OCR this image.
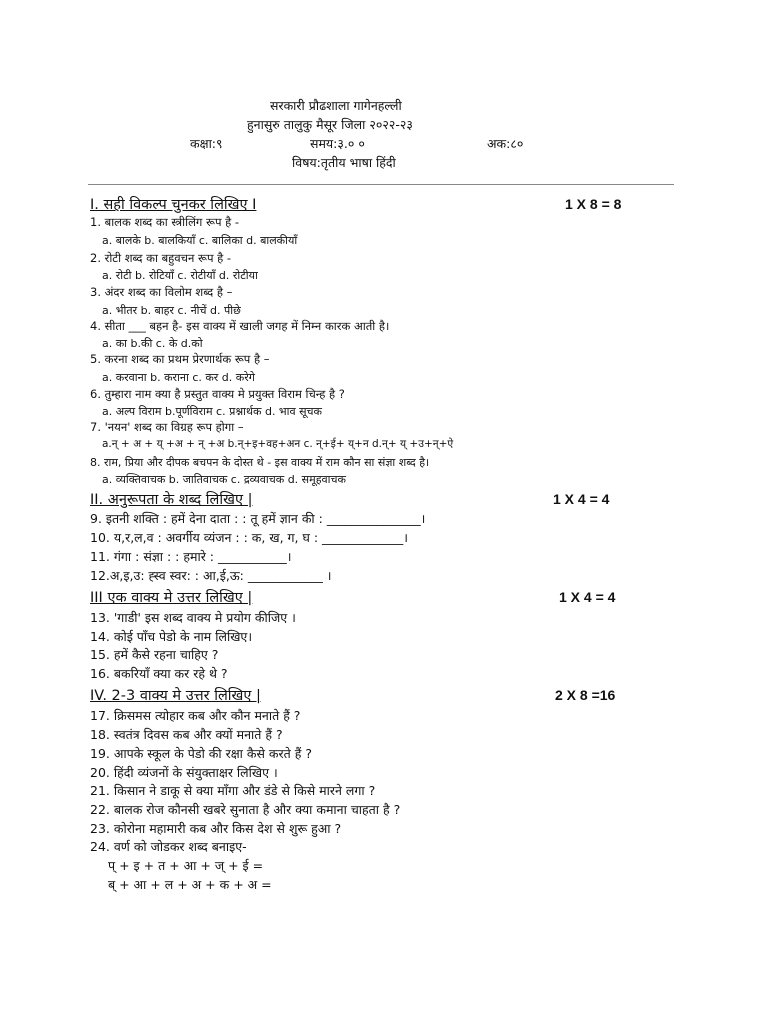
सरकारी प्रौढशाला गागेनहल्ली
हुनासुरु तालुकु मैसूर जिला २०२२-२३
कक्षा:९	समय:३.० ०	अक:८०
विषय:तृतीय भाषा हिंदी
I. सही विकल्प चुनकर लिखिए I	1 X 8 = 8
1. बालक शब्द का स्त्रीलिंग रूप है -
a. बालके b. बालकियाँ c. बालिका d. बालकीयाँ
2. रोटी शब्द का बहुवचन रूप है -
a. रोटी b. रोटियाँ c. रोटीयाँ d. रोटीया
3. अंदर शब्द का विलोम शब्द है –
a. भीतर b. बाहर c. नीचें d. पीछे
4. सीता ___ बहन है- इस वाक्य में खाली जगह में निम्न कारक आती है।
a. का b.की c. के d.को
5. करना शब्द का प्रथम प्रेरणार्थक रूप है –
a. करवाना b. कराना c. कर d. करेगे
6. तुम्हारा नाम क्या है प्रस्तुत वाक्य मे प्रयुक्त विराम चिन्ह है ?
a. अल्प विराम b.पूर्णविराम c. प्रश्नार्थक d. भाव सूचक
7. 'नयन' शब्द का विग्रह रूप होगा –
a.न् + अ + य् +अ + न् +अ b.न्+इ+वह+अन c. न्+ई+ य्+न d.न्+ य् +उ+न्+ऐ
8. राम, प्रिया और दीपक बचपन के दोस्त थे - इस वाक्य में राम कौन सा संज्ञा शब्द है।
a. व्यक्तिवाचक b. जातिवाचक c. द्रव्यवाचक d. समूहवाचक
II. अनुरूपता के शब्द लिखिए |	1 X 4 = 4
9. इतनी शक्ति : हमें देना दाता : : तू हमें ज्ञान की : _______________।
10. य,र,ल,व : अवर्गीय व्यंजन : : क, ख, ग, घ : _____________।
11. गंगा : संज्ञा : : हमारे : ___________।
12.अ,इ,उ: ह्स्व स्वर: : आ,ई,ऊ: ____________ ।
III एक वाक्य मे उत्तर लिखिए |	1 X 4 = 4
13. 'गाडी' इस शब्द वाक्य मे प्रयोग कीजिए ।
14. कोई पाँच पेडो के नाम लिखिए।
15. हमें कैसे रहना चाहिए ?
16. बकरियाँ क्या कर रहे थे ?
IV. 2-3 वाक्य मे उत्तर लिखिए |	2 X 8 =16
17. क्रिसमस त्योहार कब और कौन मनाते हैं ?
18. स्वतंत्र दिवस कब और क्यों मनाते हैं ?
19. आपके स्कूल के पेडो की रक्षा कैसे करते हैं ?
20. हिंदी व्यंजनों के संयुक्ताक्षर लिखिए ।
21. किसान ने डाकू से क्या माँगा और डंडे से किसे मारने लगा ?
22. बालक रोज कौनसी खबरे सुनाता है और क्या कमाना चाहता है ?
23. कोरोना महामारी कब और किस देश से शुरू हुआ ?
24. वर्ण को जोडकर शब्द बनाइए-
प् + इ + त + आ + ज् + ई =
ब् + आ + ल + अ + क + अ =
